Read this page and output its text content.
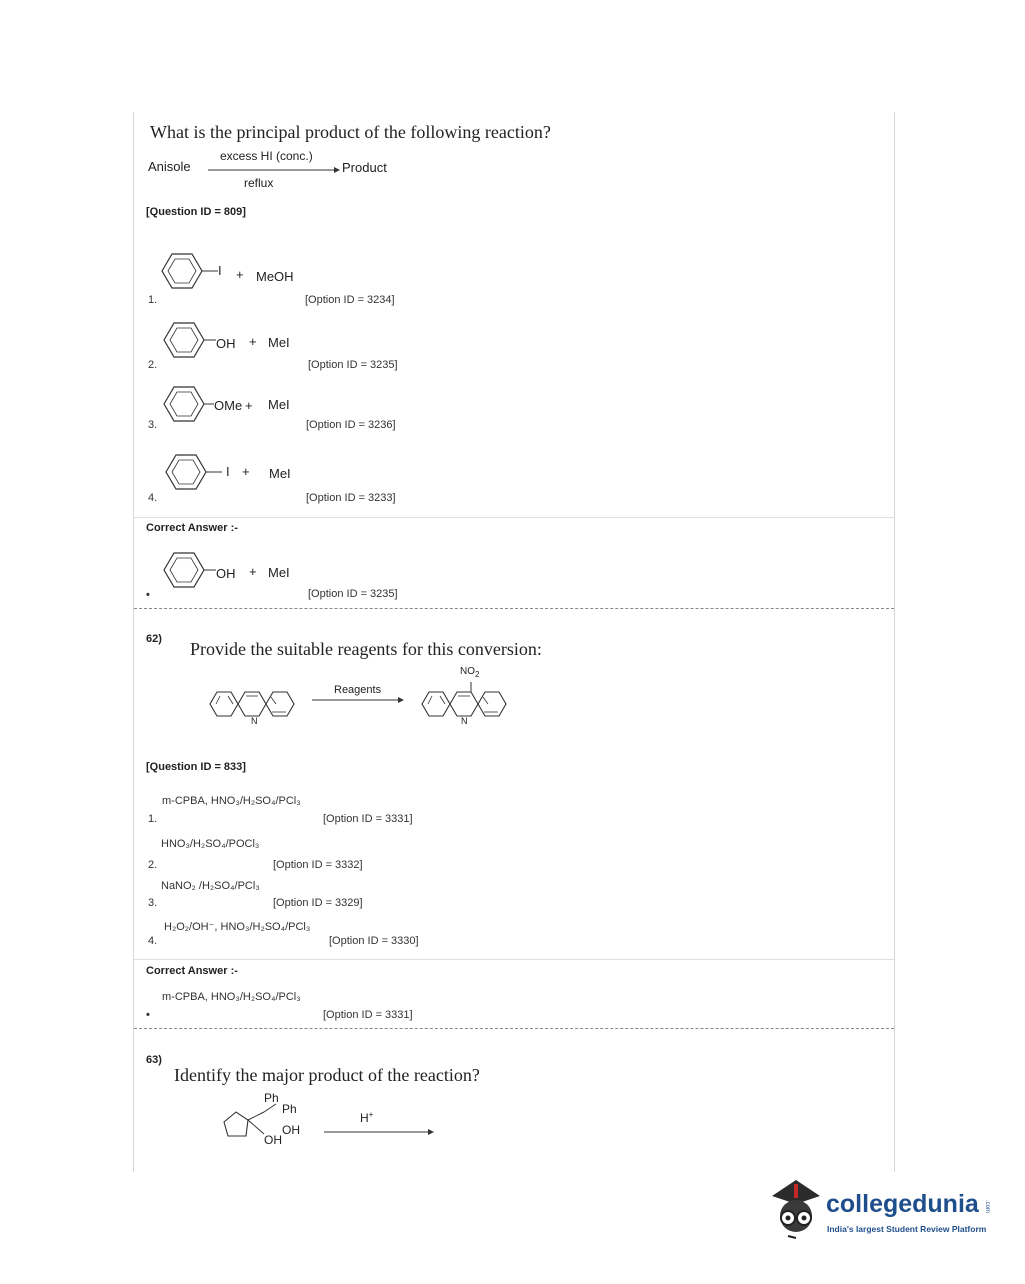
What is the principal product of the following reaction?
Anisole
excess HI (conc.)
reflux
Product
[Question ID = 809]
I + MeOH
1.	[Option ID = 3234]
OH + MeI
2.	[Option ID = 3235]
OMe + MeI
3.	[Option ID = 3236]
I + MeI
4.	[Option ID = 3233]
Correct Answer :-
OH + MeI
•	[Option ID = 3235]
62) Provide the suitable reagents for this conversion:
N
Reagents
$NO_2$
N
[Question ID = 833]
m-CPBA, HNO₃/H₂SO₄/PCl₃
1.	[Option ID = 3331]
HNO₃/H₂SO₄/POCl₃
2.	[Option ID = 3332]
NaNO₂ /H₂SO₄/PCl₃
3.	[Option ID = 3329]
H₂O₂/OH⁻, HNO₃/H₂SO₄/PCl₃
4.	[Option ID = 3330]
Correct Answer :-
m-CPBA, HNO₃/H₂SO₄/PCl₃
•	[Option ID = 3331]
63)
Identify the major product of the reaction?
Ph
Ph
OH
OH
H+
collegedunia .com
India's largest Student Review Platform
